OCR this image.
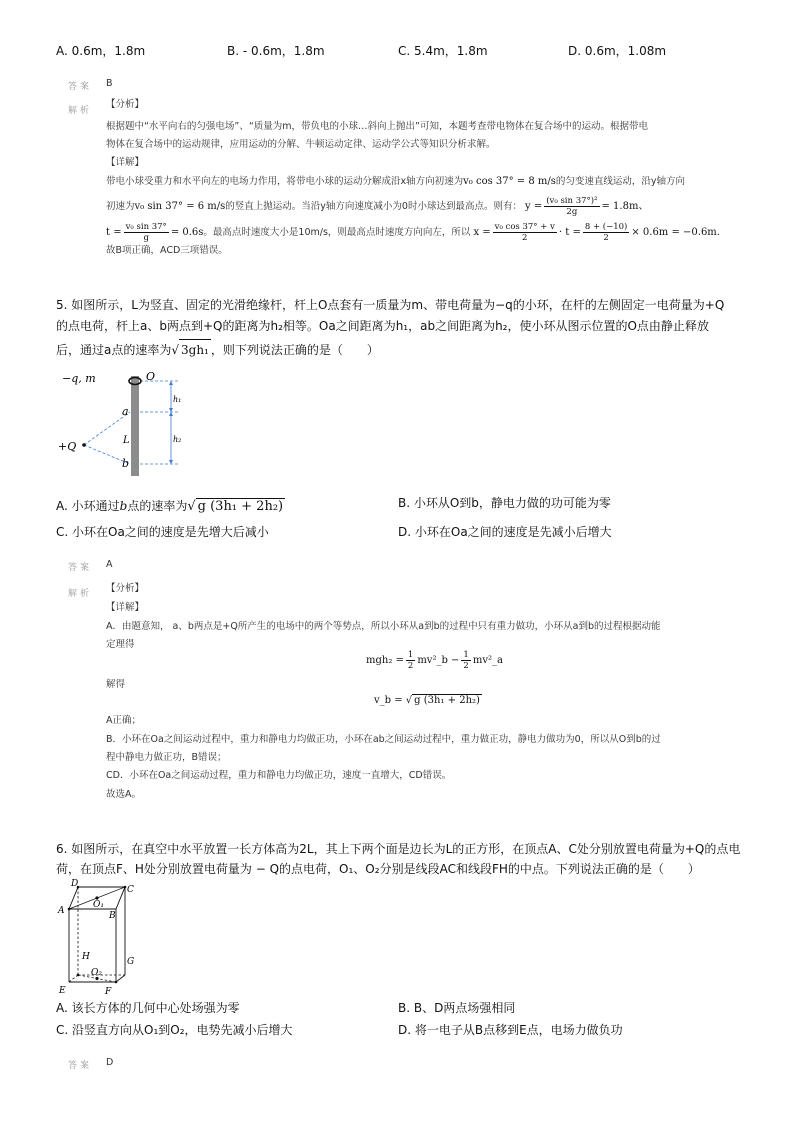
A. 0.6m，1.8m	B. - 0.6m，1.8m	C. 5.4m，1.8m	D. 0.6m，1.08m
答案 B
解析
【分析】
根据题中“水平向右的匀强电场”、“质量为m，带负电的小球…斜向上抛出”可知，本题考查带电物体在复合场中的运动。根据带电
物体在复合场中的运动规律，应用运动的分解、牛顿运动定律、运动学公式等知识分析求解。
【详解】
带电小球受重力和水平向左的电场力作用，将带电小球的运动分解成沿x轴方向初速为v₀ cos 37° = 8 m/s的匀变速直线运动，沿y轴方向
初速为v₀ sin 37° = 6 m/s的竖直上抛运动。当沿y轴方向速度减小为0时小球达到最高点。则有： $y = \frac{\text{(v₀ sin 37°)²}}{2g} = 1.8m$、
$t = \frac{\text{v₀ sin 37°}}{g} = 0.6s$。最高点时速度大小是10m/s，则最高点时速度方向向左，所以 $x = \frac{\text{v₀ cos 37° + v}}{2} \cdot t = \frac{8 + (-10)}{2} \times 0.6m = -0.6m$.
故B项正确，ACD三项错误。
5. 如图所示，L为竖直、固定的光滑绝缘杆，杆上O点套有一质量为m、带电荷量为−q的小环，在杆的左侧固定一电荷量为+Q
的点电荷，杆上a、b两点到+Q的距离为h₂相等。Oa之间距离为h₁，ab之间距离为h₂，使小环从图示位置的O点由静止释放
后，通过a点的速率为√ 3gh₁ ，则下列说法正确的是（　　）
−q, m	O
a
b
L
+Q
h₁
h₂
A. 小环通过b点的速率为√ g (3h₁ + 2h₂)	B. 小环从O到b，静电力做的功可能为零
C. 小环在Oa之间的速度是先增大后减小	D. 小环在Oa之间的速度是先减小后增大
答案 A
解析 【分析】
【详解】
A．由题意知， a、b两点是+Q所产生的电场中的两个等势点，所以小环从a到b的过程中只有重力做功，小环从a到b的过程根据动能
定理得
$mgh_2 = \frac{1}{2}$ mv²_b − $\frac{1}{2}$ mv²_a
解得
v_b = √ g (3h₁ + 2h₂)
A正确；
B．小环在Oa之间运动过程中，重力和静电力均做正功，小环在ab之间运动过程中，重力做正功，静电力做功为0，所以从O到b的过
程中静电力做正功，B错误；
CD．小环在Oa之间运动过程，重力和静电力均做正功，速度一直增大，CD错误。
故选A。
6. 如图所示，在真空中水平放置一长方体高为2L，其上下两个面是边长为L的正方形，在顶点A、C处分别放置电荷量为+Q的点电
荷，在顶点F、H处分别放置电荷量为 − Q的点电荷，O₁、O₂分别是线段AC和线段FH的中点。下列说法正确的是（　　）
D
C
A	B
O₁
H	G
O₂
E	F
A. 该长方体的几何中心处场强为零	B. B、D两点场强相同
C. 沿竖直方向从O₁到O₂，电势先减小后增大	D. 将一电子从B点移到E点，电场力做负功
答案 D
